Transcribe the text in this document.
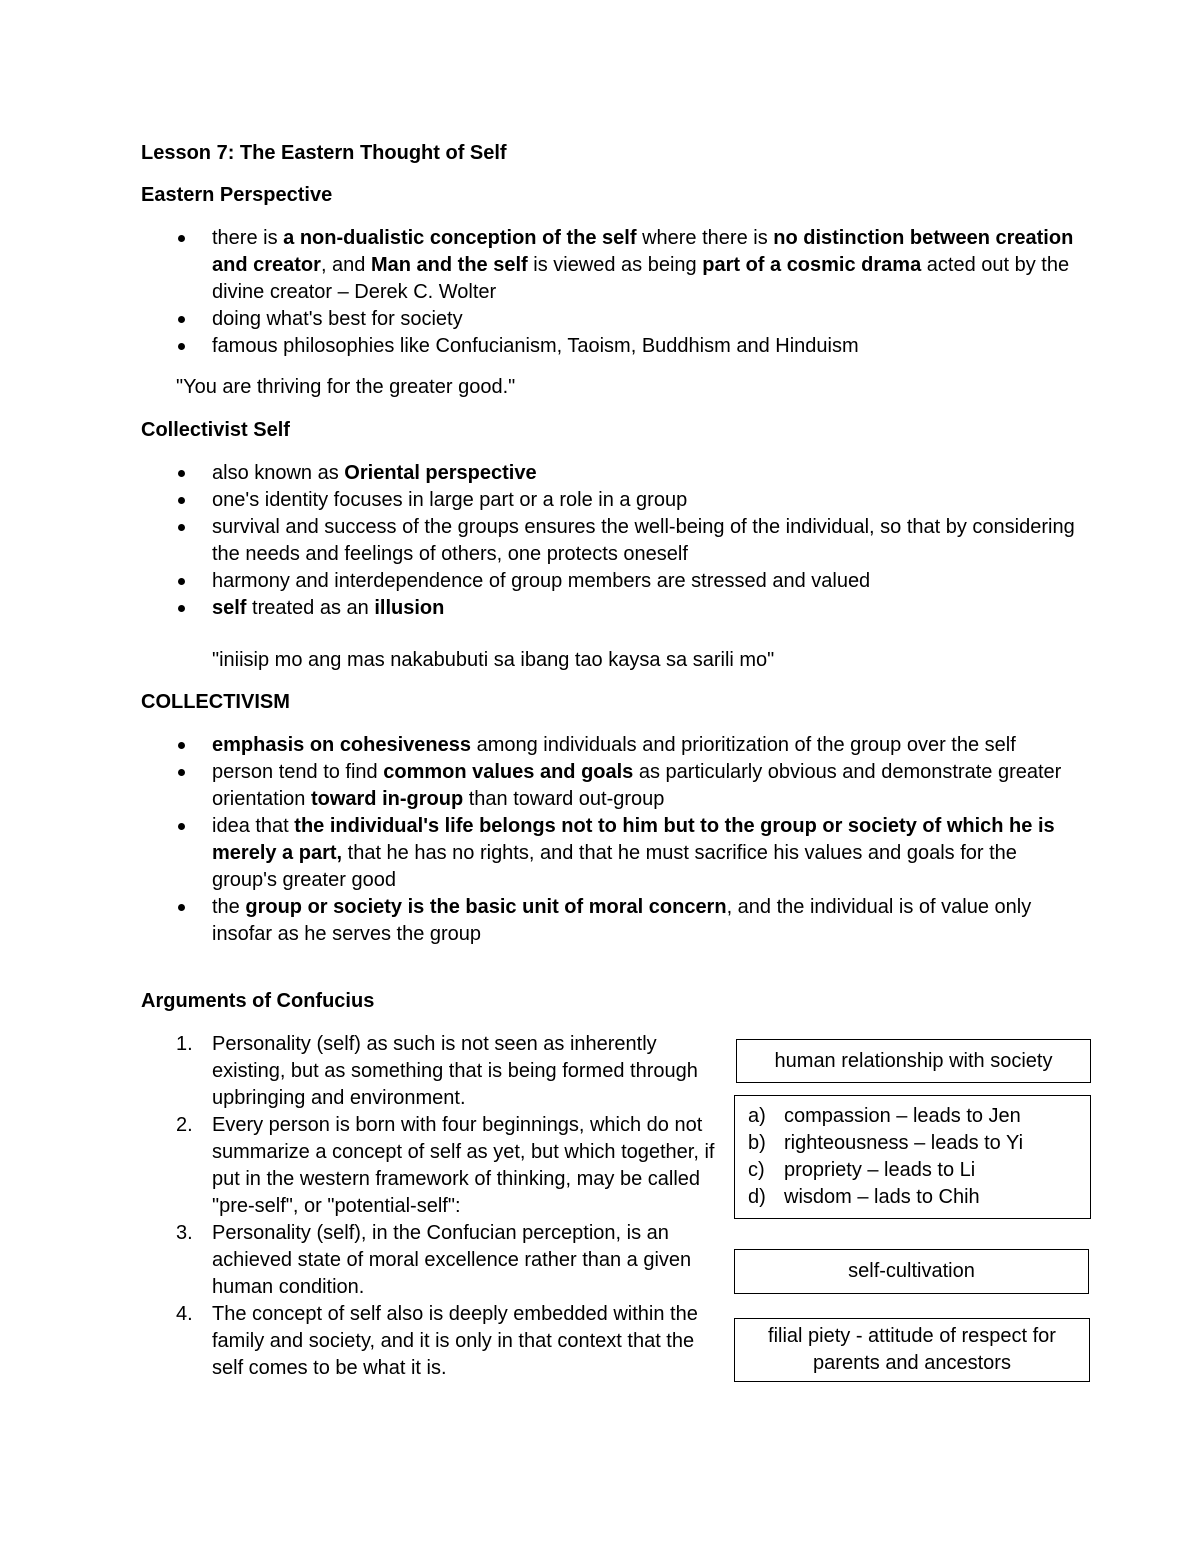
Lesson 7: The Eastern Thought of Self
Eastern Perspective
there is a non-dualistic conception of the self where there is no distinction between creation and creator, and Man and the self is viewed as being part of a cosmic drama acted out by the divine creator – Derek C. Wolter
doing what's best for society
famous philosophies like Confucianism, Taoism, Buddhism and Hinduism
"You are thriving for the greater good."
Collectivist Self
also known as Oriental perspective
one's identity focuses in large part or a role in a group
survival and success of the groups ensures the well-being of the individual, so that by considering the needs and feelings of others, one protects oneself
harmony and interdependence of group members are stressed and valued
self treated as an illusion
"iniisip mo ang mas nakabubuti sa ibang tao kaysa sa sarili mo"
COLLECTIVISM
emphasis on cohesiveness among individuals and prioritization of the group over the self
person tend to find common values and goals as particularly obvious and demonstrate greater orientation toward in-group than toward out-group
idea that the individual's life belongs not to him but to the group or society of which he is merely a part, that he has no rights, and that he must sacrifice his values and goals for the group's greater good
the group or society is the basic unit of moral concern, and the individual is of value only insofar as he serves the group
Arguments of Confucius
1. Personality (self) as such is not seen as inherently existing, but as something that is being formed through upbringing and environment.
2. Every person is born with four beginnings, which do not summarize a concept of self as yet, but which together, if put in the western framework of thinking, may be called "pre-self", or "potential-self":
3. Personality (self), in the Confucian perception, is an achieved state of moral excellence rather than a given human condition.
4. The concept of self also is deeply embedded within the family and society, and it is only in that context that the self comes to be what it is.
human relationship with society
a) compassion – leads to Jen
b) righteousness – leads to Yi
c) propriety – leads to Li
d) wisdom – lads to Chih
self-cultivation
filial piety - attitude of respect for parents and ancestors
